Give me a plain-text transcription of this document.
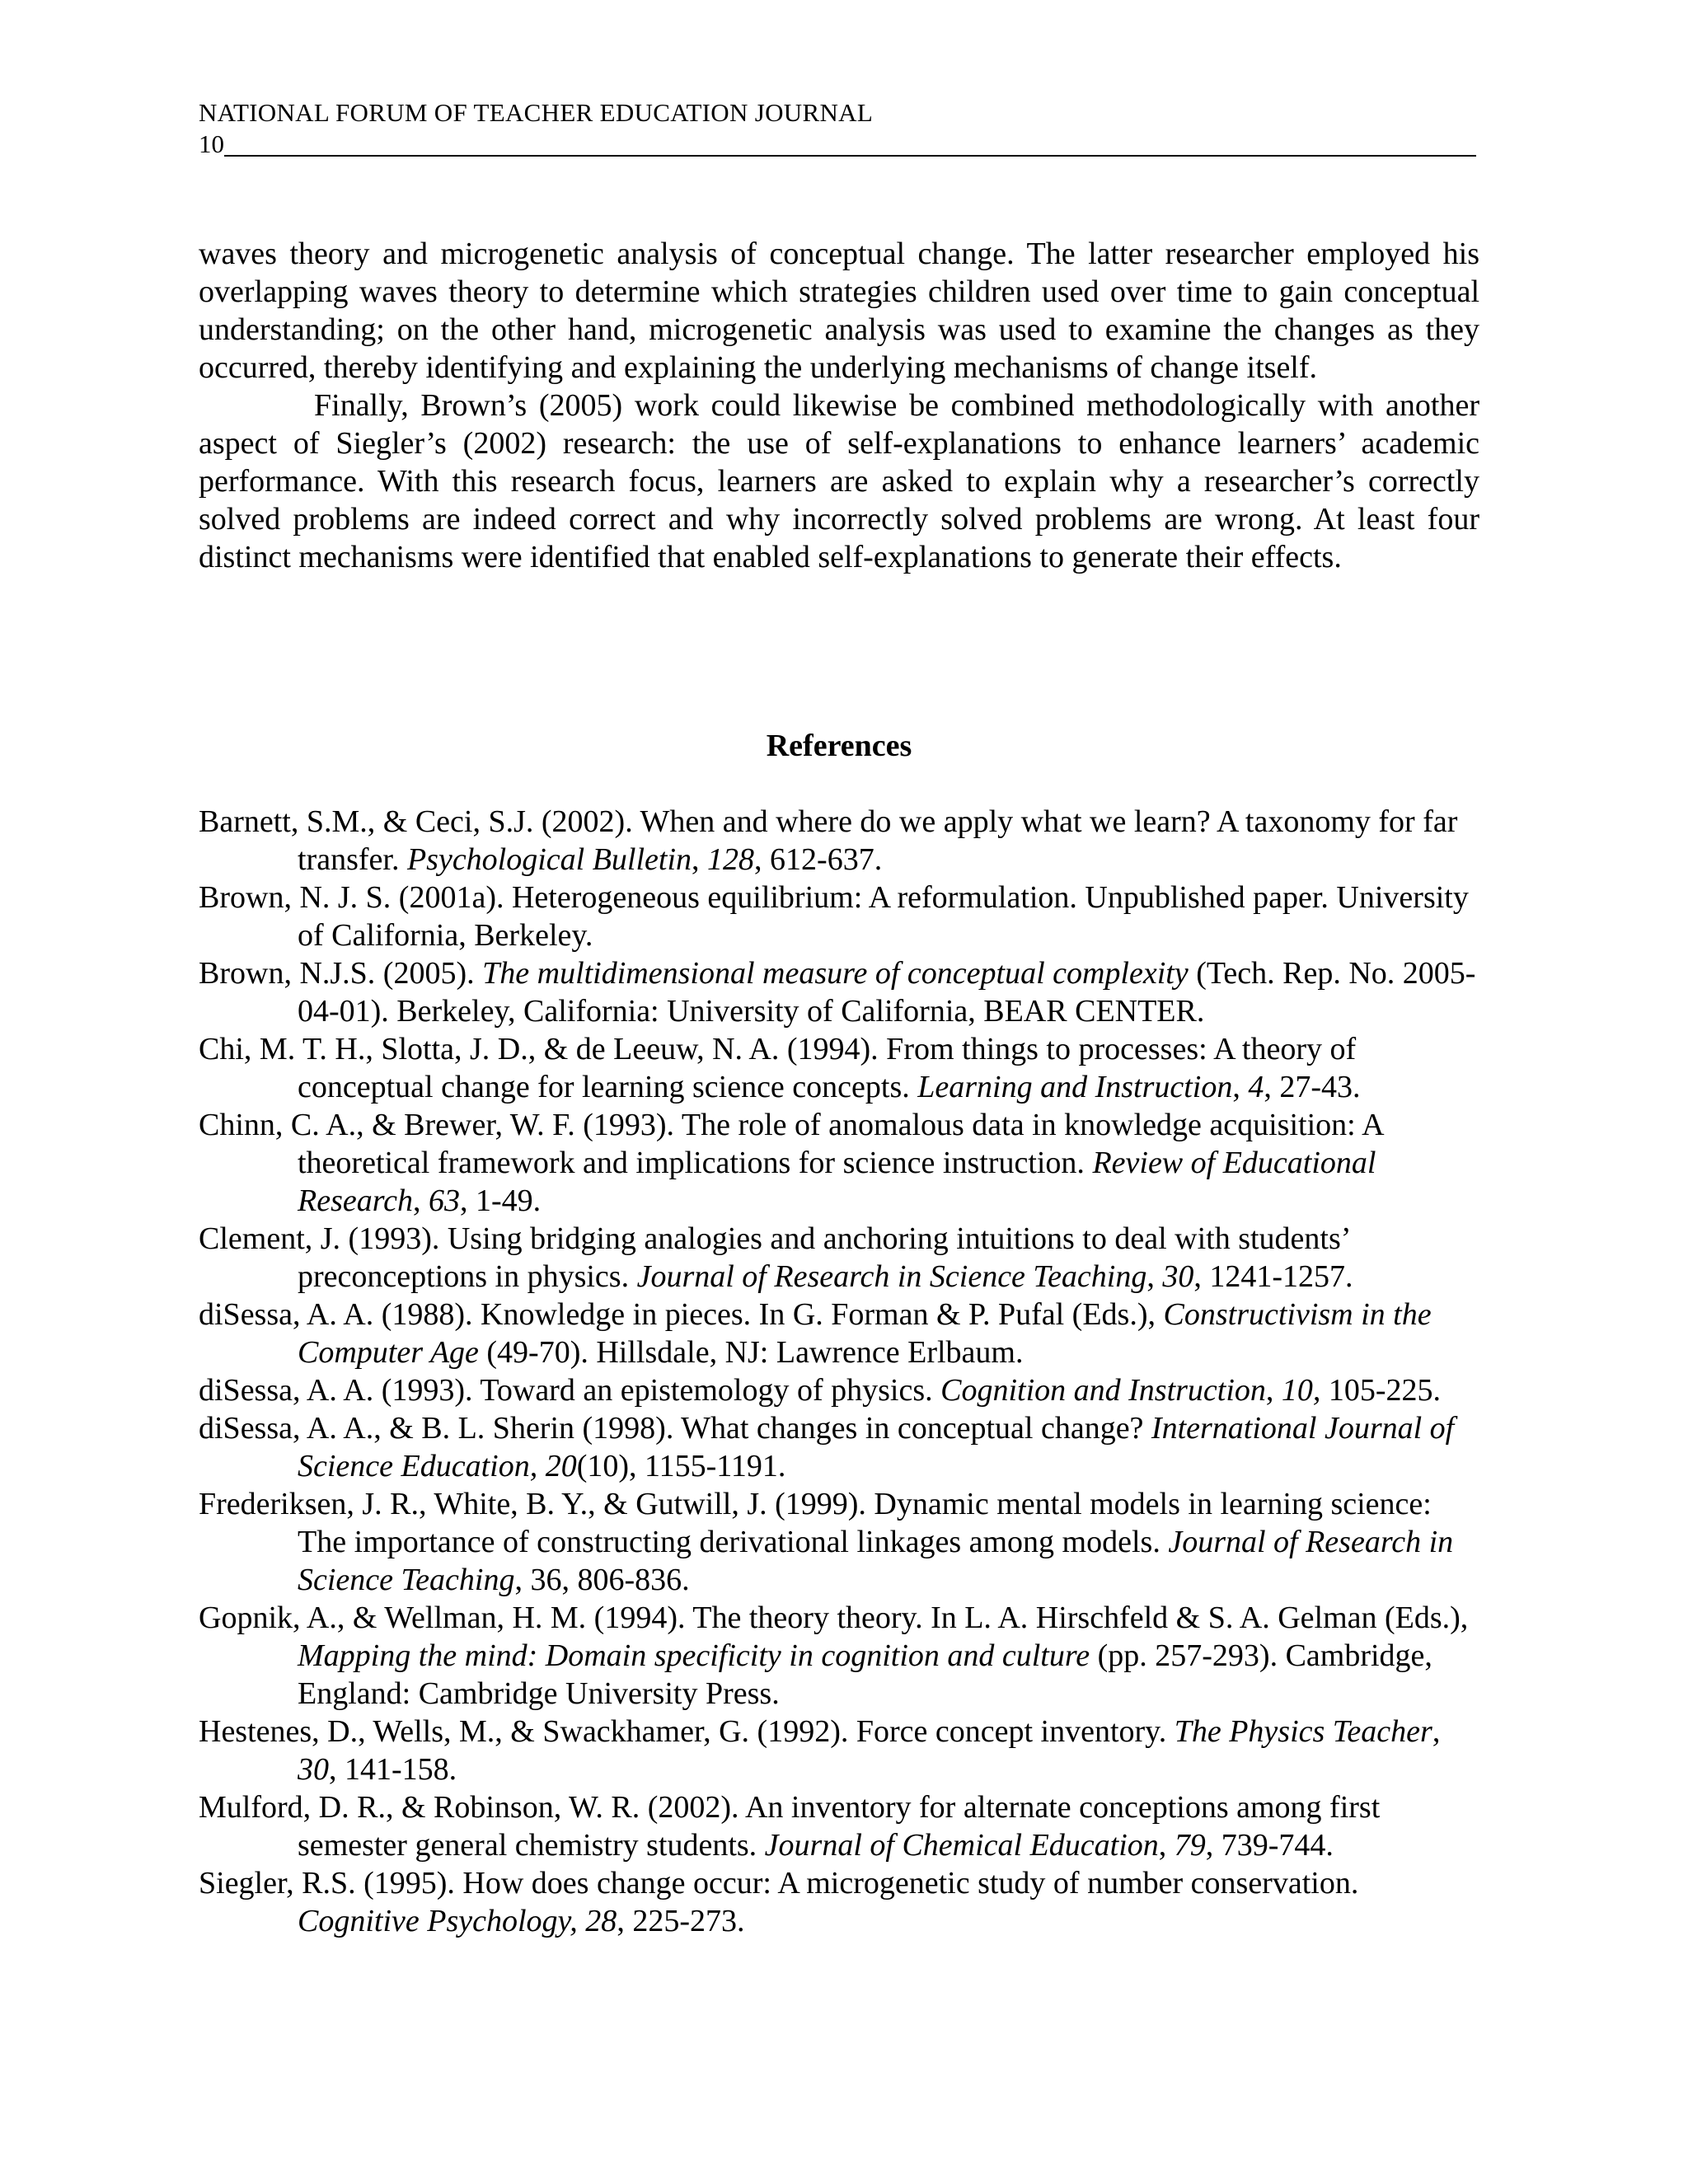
NATIONAL FORUM OF TEACHER EDUCATION JOURNAL
10

waves theory and microgenetic analysis of conceptual change. The latter researcher employed his overlapping waves theory to determine which strategies children used over time to gain conceptual understanding; on the other hand, microgenetic analysis was used to examine the changes as they occurred, thereby identifying and explaining the underlying mechanisms of change itself.

Finally, Brown’s (2005) work could likewise be combined methodologically with another aspect of Siegler’s (2002) research: the use of self-explanations to enhance learners’ academic performance. With this research focus, learners are asked to explain why a researcher’s correctly solved problems are indeed correct and why incorrectly solved problems are wrong. At least four distinct mechanisms were identified that enabled self-explanations to generate their effects.

References

Barnett, S.M., & Ceci, S.J. (2002). When and where do we apply what we learn? A taxonomy for far transfer. Psychological Bulletin, 128, 612-637.

Brown, N. J. S. (2001a). Heterogeneous equilibrium: A reformulation. Unpublished paper. University of California, Berkeley.

Brown, N.J.S. (2005). The multidimensional measure of conceptual complexity (Tech. Rep. No. 2005-04-01). Berkeley, California: University of California, BEAR CENTER.

Chi, M. T. H., Slotta, J. D., & de Leeuw, N. A. (1994). From things to processes: A theory of conceptual change for learning science concepts. Learning and Instruction, 4, 27-43.

Chinn, C. A., & Brewer, W. F. (1993). The role of anomalous data in knowledge acquisition: A theoretical framework and implications for science instruction. Review of Educational Research, 63, 1-49.

Clement, J. (1993). Using bridging analogies and anchoring intuitions to deal with students’ preconceptions in physics. Journal of Research in Science Teaching, 30, 1241-1257.

diSessa, A. A. (1988). Knowledge in pieces. In G. Forman & P. Pufal (Eds.), Constructivism in the Computer Age (49-70). Hillsdale, NJ: Lawrence Erlbaum.

diSessa, A. A. (1993). Toward an epistemology of physics. Cognition and Instruction, 10, 105-225.

diSessa, A. A., & B. L. Sherin (1998). What changes in conceptual change? International Journal of Science Education, 20(10), 1155-1191.

Frederiksen, J. R., White, B. Y., & Gutwill, J. (1999). Dynamic mental models in learning science: The importance of constructing derivational linkages among models. Journal of Research in Science Teaching, 36, 806-836.

Gopnik, A., & Wellman, H. M. (1994). The theory theory. In L. A. Hirschfeld & S. A. Gelman (Eds.), Mapping the mind: Domain specificity in cognition and culture (pp. 257-293). Cambridge, England: Cambridge University Press.

Hestenes, D., Wells, M., & Swackhamer, G. (1992). Force concept inventory. The Physics Teacher, 30, 141-158.

Mulford, D. R., & Robinson, W. R. (2002). An inventory for alternate conceptions among first semester general chemistry students. Journal of Chemical Education, 79, 739-744.

Siegler, R.S. (1995). How does change occur: A microgenetic study of number conservation. Cognitive Psychology, 28, 225-273.
